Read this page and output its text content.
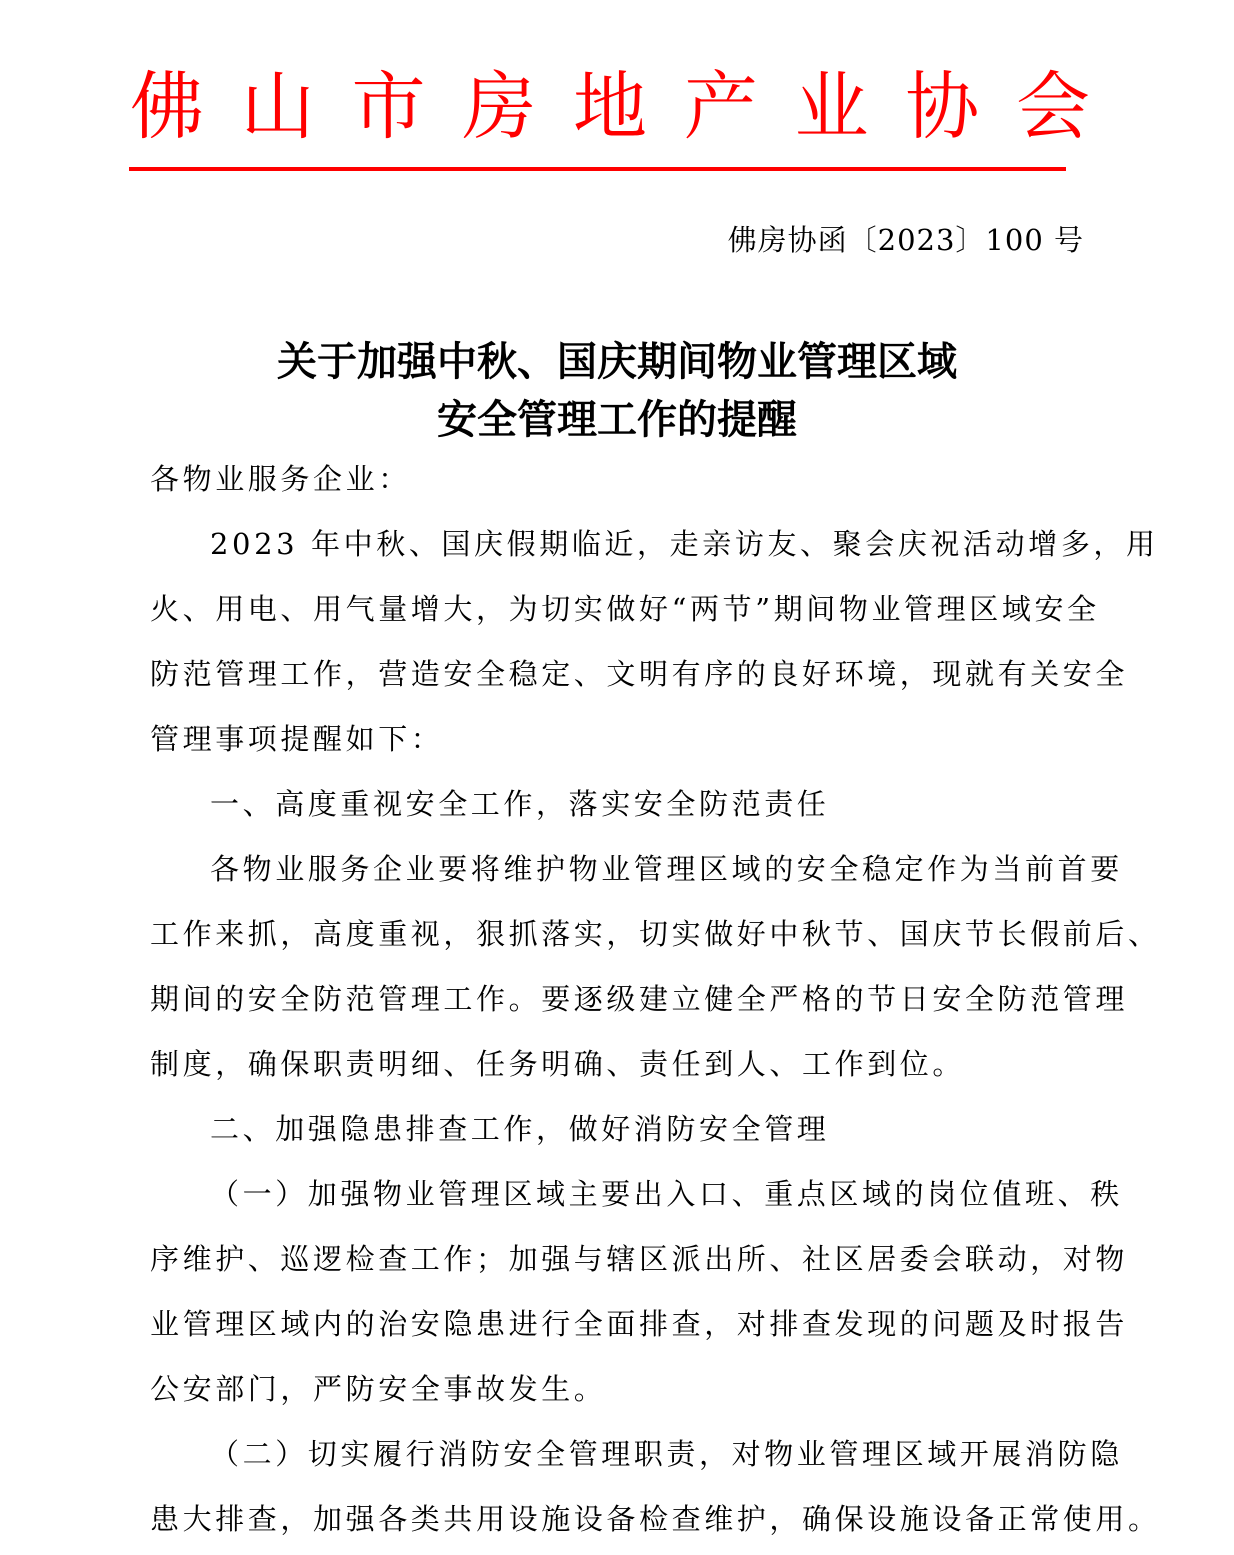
佛 山 市 房 地 产 业 协 会
佛房协函〔2023〕100 号
关于加强中秋、国庆期间物业管理区域
安全管理工作的提醒
各物业服务企业：
2023 年中秋、国庆假期临近，走亲访友、聚会庆祝活动增多，用
火、用电、用气量增大，为切实做好“两节”期间物业管理区域安全
防范管理工作，营造安全稳定、文明有序的良好环境，现就有关安全
管理事项提醒如下：
一、高度重视安全工作，落实安全防范责任
各物业服务企业要将维护物业管理区域的安全稳定作为当前首要
工作来抓，高度重视，狠抓落实，切实做好中秋节、国庆节长假前后、
期间的安全防范管理工作。要逐级建立健全严格的节日安全防范管理
制度，确保职责明细、任务明确、责任到人、工作到位。
二、加强隐患排查工作，做好消防安全管理
（一）加强物业管理区域主要出入口、重点区域的岗位值班、秩
序维护、巡逻检查工作；加强与辖区派出所、社区居委会联动，对物
业管理区域内的治安隐患进行全面排查，对排查发现的问题及时报告
公安部门，严防安全事故发生。
（二）切实履行消防安全管理职责，对物业管理区域开展消防隐
患大排查，加强各类共用设施设备检查维护，确保设施设备正常使用。
